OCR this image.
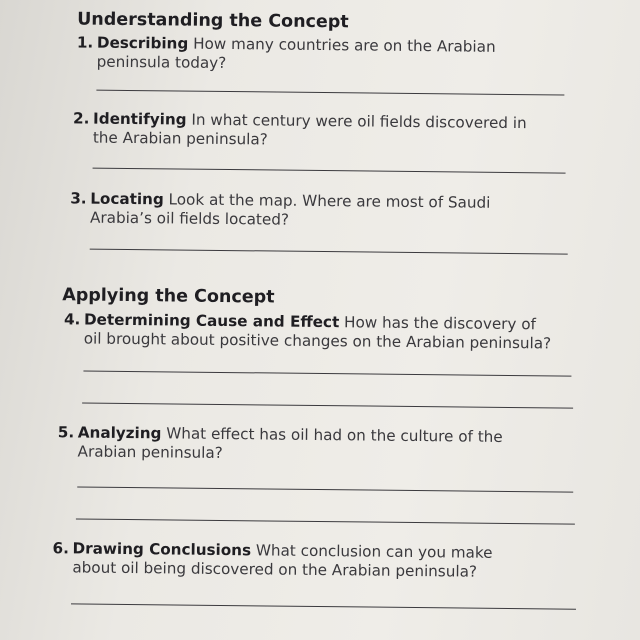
Understanding the Concept
1. Describing How many countries are on the Arabian
peninsula today?
2. Identifying In what century were oil fields discovered in
the Arabian peninsula?
3. Locating Look at the map. Where are most of Saudi
Arabia’s oil fields located?
Applying the Concept
4. Determining Cause and Effect How has the discovery of
oil brought about positive changes on the Arabian peninsula?
5. Analyzing What effect has oil had on the culture of the
Arabian peninsula?
6. Drawing Conclusions What conclusion can you make
about oil being discovered on the Arabian peninsula?
